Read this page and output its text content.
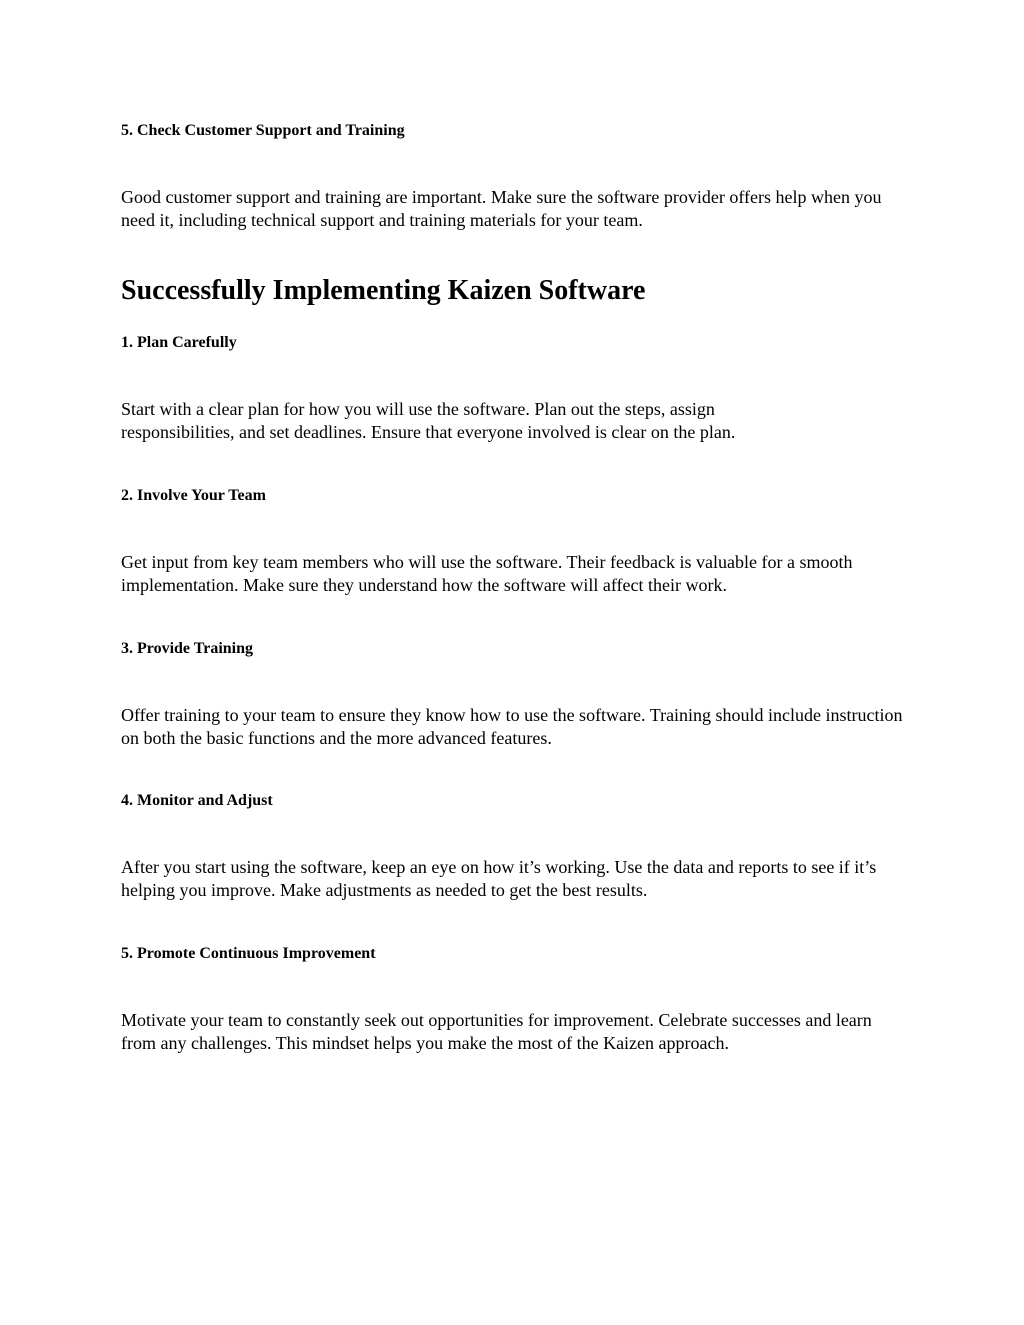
5. Check Customer Support and Training

Good customer support and training are important. Make sure the software provider offers help when you need it, including technical support and training materials for your team.

Successfully Implementing Kaizen Software
1. Plan Carefully

Start with a clear plan for how you will use the software. Plan out the steps, assign responsibilities, and set deadlines. Ensure that everyone involved is clear on the plan.

2. Involve Your Team

Get input from key team members who will use the software. Their feedback is valuable for a smooth implementation. Make sure they understand how the software will affect their work.

3. Provide Training

Offer training to your team to ensure they know how to use the software. Training should include instruction on both the basic functions and the more advanced features.

4. Monitor and Adjust

After you start using the software, keep an eye on how it’s working. Use the data and reports to see if it’s helping you improve. Make adjustments as needed to get the best results.

5. Promote Continuous Improvement

Motivate your team to constantly seek out opportunities for improvement. Celebrate successes and learn from any challenges. This mindset helps you make the most of the Kaizen approach.
